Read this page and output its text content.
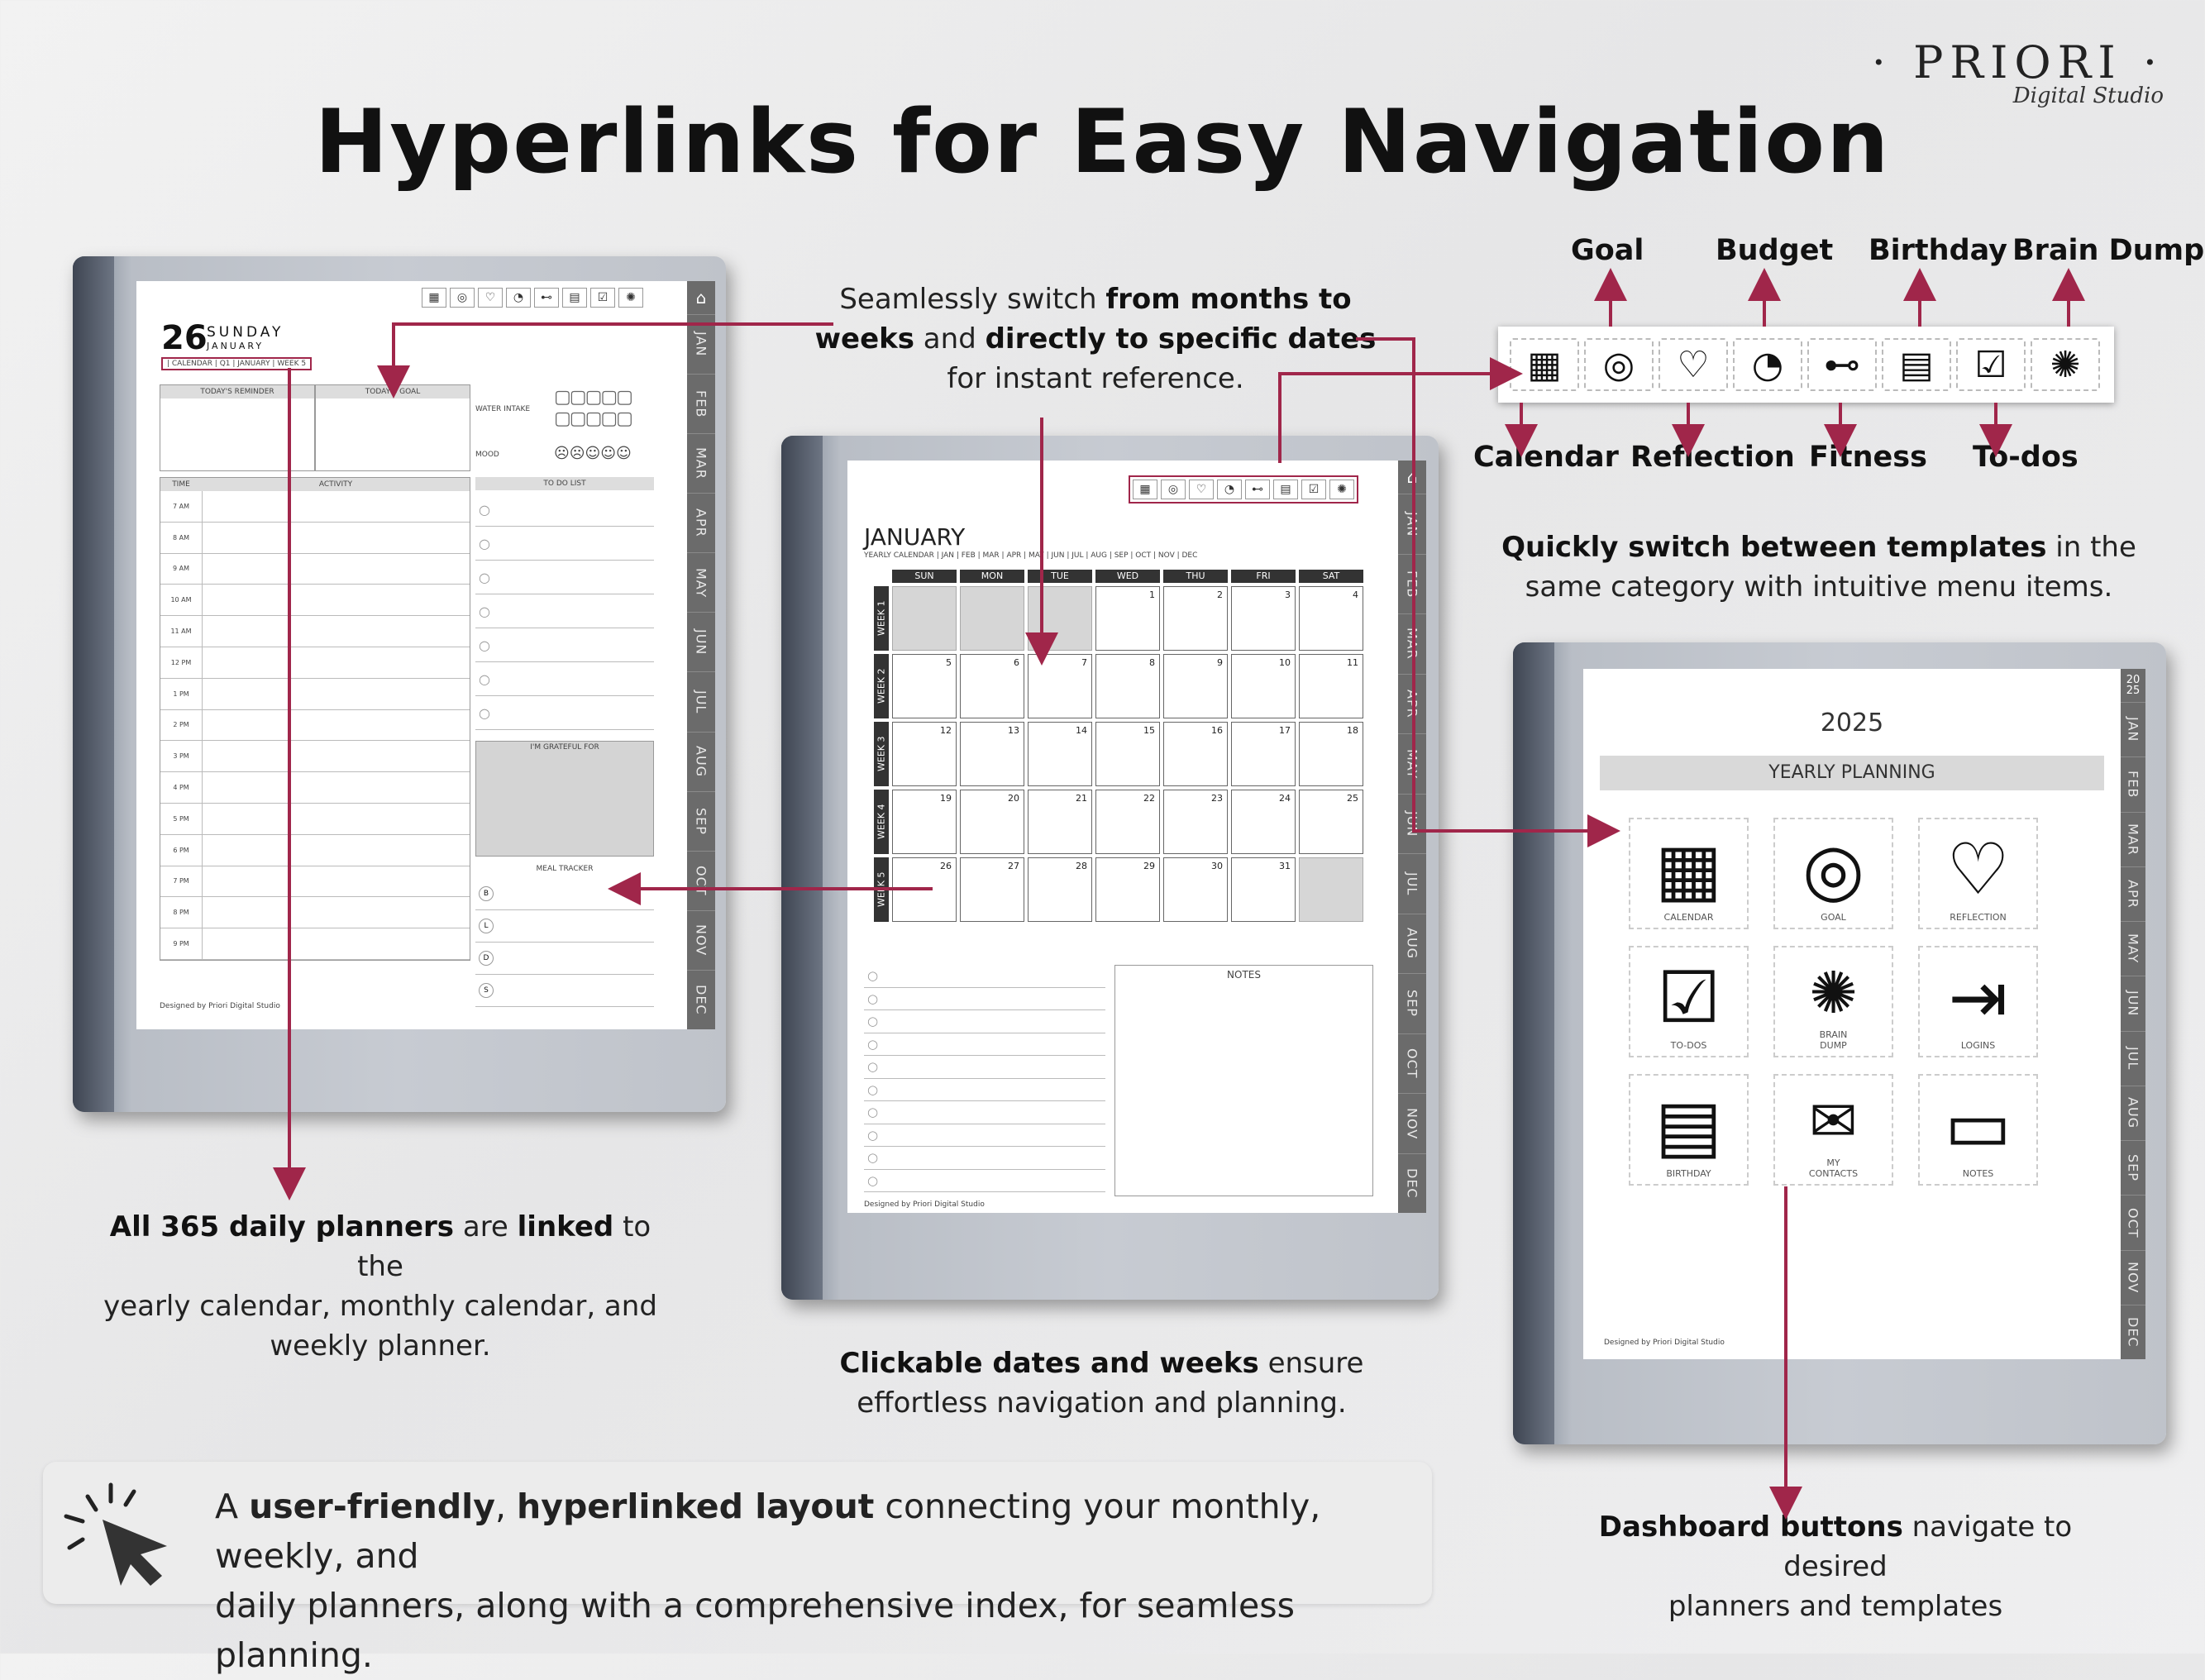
Hyperlinks for Easy Navigation
· PRIORI ·
Digital Studio
⌂
JAN
FEB
MAR
APR
MAY
JUN
JUL
AUG
SEP
OCT
NOV
DEC
▦	◎	♡	◔	⊷	▤	☑	✺
26 SUNDAY
JANUARY
| CALENDAR | Q1 | JANUARY | WEEK 5
TODAY'S REMINDER	TODAY'S GOAL
WATER INTAKE
▢▢▢▢▢
▢▢▢▢▢
MOOD	☹☹☺☺☺
TIME	ACTIVITY
7 AM
8 AM
9 AM
10 AM
11 AM
12 PM
1 PM
2 PM
3 PM
4 PM
5 PM
6 PM
7 PM
8 PM
9 PM
TO DO LIST
○
○
○
○
○
○
○
I'M GRATEFUL FOR
MEAL TRACKER
B
L
D
S
Designed by Priori Digital Studio
⌂
JAN
FEB
MAR
APR
MAY
JUN
JUL
AUG
SEP
OCT
NOV
DEC
▦	◎	♡	◔	⊷	▤	☑	✺
JANUARY
YEARLY CALENDAR | JAN | FEB | MAR | APR | MAY | JUN | JUL | AUG | SEP | OCT | NOV | DEC
SUN	MON	TUE	WED	THU	FRI	SAT
1	2	3	4
5	6	7	8	9	10	11
12	13	14	15	16	17	18
19	20	21	22	23	24	25
26	27	28	29	30	31
WEEK 1
WEEK 2
WEEK 3
WEEK 4
WEEK 5
○
○
○
○
○
○
○
○
○
○
NOTES
Designed by Priori Digital Studio
20 25
JAN
FEB
MAR
APR
MAY
JUN
JUL
AUG
SEP
OCT
NOV
DEC
2025
YEARLY PLANNING
▦
CALENDAR
◎
GOAL
♡
REFLECTION
☑
TO-DOS
✺
BRAIN DUMP
⇥
LOGINS
▤
BIRTHDAY
✉
MY CONTACTS
▭
NOTES
Designed by Priori Digital Studio
Goal Budget Birthday Brain Dump
▦ ◎ ♡ ◔ ⊷ ▤ ☑ ✺
Calendar Reflection Fitness To-dos
Seamlessly switch from months to
weeks and directly to specific dates
for instant reference.
Quickly switch between templates in the
same category with intuitive menu items.
All 365 daily planners are linked to the
yearly calendar, monthly calendar, and
weekly planner.
Clickable dates and weeks ensure
effortless navigation and planning.
Dashboard buttons navigate to desired
planners and templates
A user-friendly, hyperlinked layout connecting your monthly, weekly, and
daily planners, along with a comprehensive index, for seamless planning.
